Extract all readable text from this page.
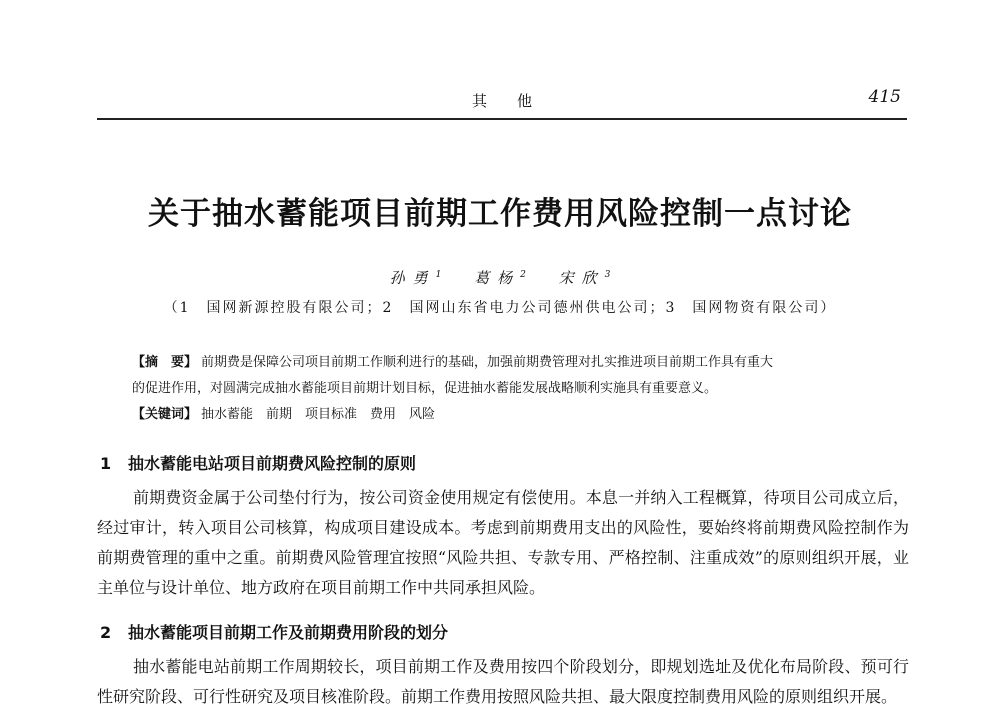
其他	415
关于抽水蓄能项目前期工作费用风险控制一点讨论
孙勇$^1$ 葛杨$^2$ 宋欣$^3$
（1　国网新源控股有限公司；2　国网山东省电力公司德州供电公司；3　国网物资有限公司）

【摘　要】 前期费是保障公司项目前期工作顺利进行的基础，加强前期费管理对扎实推进项目前期工作具有重大

的促进作用，对圆满完成抽水蓄能项目前期计划目标，促进抽水蓄能发展战略顺利实施具有重要意义。

【关键词】 抽水蓄能　前期　项目标准　费用　风险

1 抽水蓄能电站项目前期费风险控制的原则

前期费资金属于公司垫付行为，按公司资金使用规定有偿使用。本息一并纳入工程概算，待项目公司成立后，经过审计，转入项目公司核算，构成项目建设成本。考虑到前期费用支出的风险性，要始终将前期费风险控制作为前期费管理的重中之重。前期费风险管理宜按照“风险共担、专款专用、严格控制、注重成效”的原则组织开展，业主单位与设计单位、地方政府在项目前期工作中共同承担风险。

2 抽水蓄能项目前期工作及前期费用阶段的划分

抽水蓄能电站前期工作周期较长，项目前期工作及费用按四个阶段划分，即规划选址及优化布局阶段、预可行性研究阶段、可行性研究及项目核准阶段。前期工作费用按照风险共担、最大限度控制费用风险的原则组织开展。
